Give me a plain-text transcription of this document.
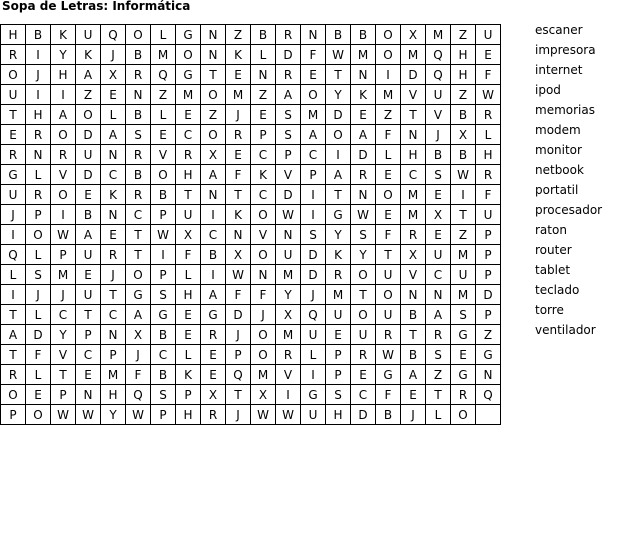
Sopa de Letras: Informática
H	B	K	U	Q	O	L	G	N	Z	B	R	N	B	B	O	X	M	Z	U
R	I	Y	K	J	B	M	O	N	K	L	D	F	W	M	O	M	Q	H	E
O	J	H	A	X	R	Q	G	T	E	N	R	E	T	N	I	D	Q	H	F
U	I	I	Z	E	N	Z	M	O	M	Z	A	O	Y	K	M	V	U	Z	W
T	H	A	O	L	B	L	E	Z	J	E	S	M	D	E	Z	T	V	B	R
E	R	O	D	A	S	E	C	O	R	P	S	A	O	A	F	N	J	X	L
R	N	R	U	N	R	V	R	X	E	C	P	C	I	D	L	H	B	B	H
G	L	V	D	C	B	O	H	A	F	K	V	P	A	R	E	C	S	W	R
U	R	O	E	K	R	B	T	N	T	C	D	I	T	N	O	M	E	I	F
J	P	I	B	N	C	P	U	I	K	O	W	I	G	W	E	M	X	T	U
I	O	W	A	E	T	W	X	C	N	V	N	S	Y	S	F	R	E	Z	P
Q	L	P	U	R	T	I	F	B	X	O	U	D	K	Y	T	X	U	M	P
L	S	M	E	J	O	P	L	I	W	N	M	D	R	O	U	V	C	U	P
I	J	J	U	T	G	S	H	A	F	F	Y	J	M	T	O	N	N	M	D
T	L	C	T	C	A	G	E	G	D	J	X	Q	U	O	U	B	A	S	P
A	D	Y	P	N	X	B	E	R	J	O	M	U	E	U	R	T	R	G	Z
T	F	V	C	P	J	C	L	E	P	O	R	L	P	R	W	B	S	E	G
R	L	T	E	M	F	B	K	E	Q	M	V	I	P	E	G	A	Z	G	N
O	E	P	N	H	Q	S	P	X	T	X	I	G	S	C	F	E	T	R	Q
P	O	W	W	Y	W	P	H	R	J	W	W	U	H	D	B	J	L	O	
escaner
impresora
internet
ipod
memorias
modem
monitor
netbook
portatil
procesador
raton
router
tablet
teclado
torre
ventilador
